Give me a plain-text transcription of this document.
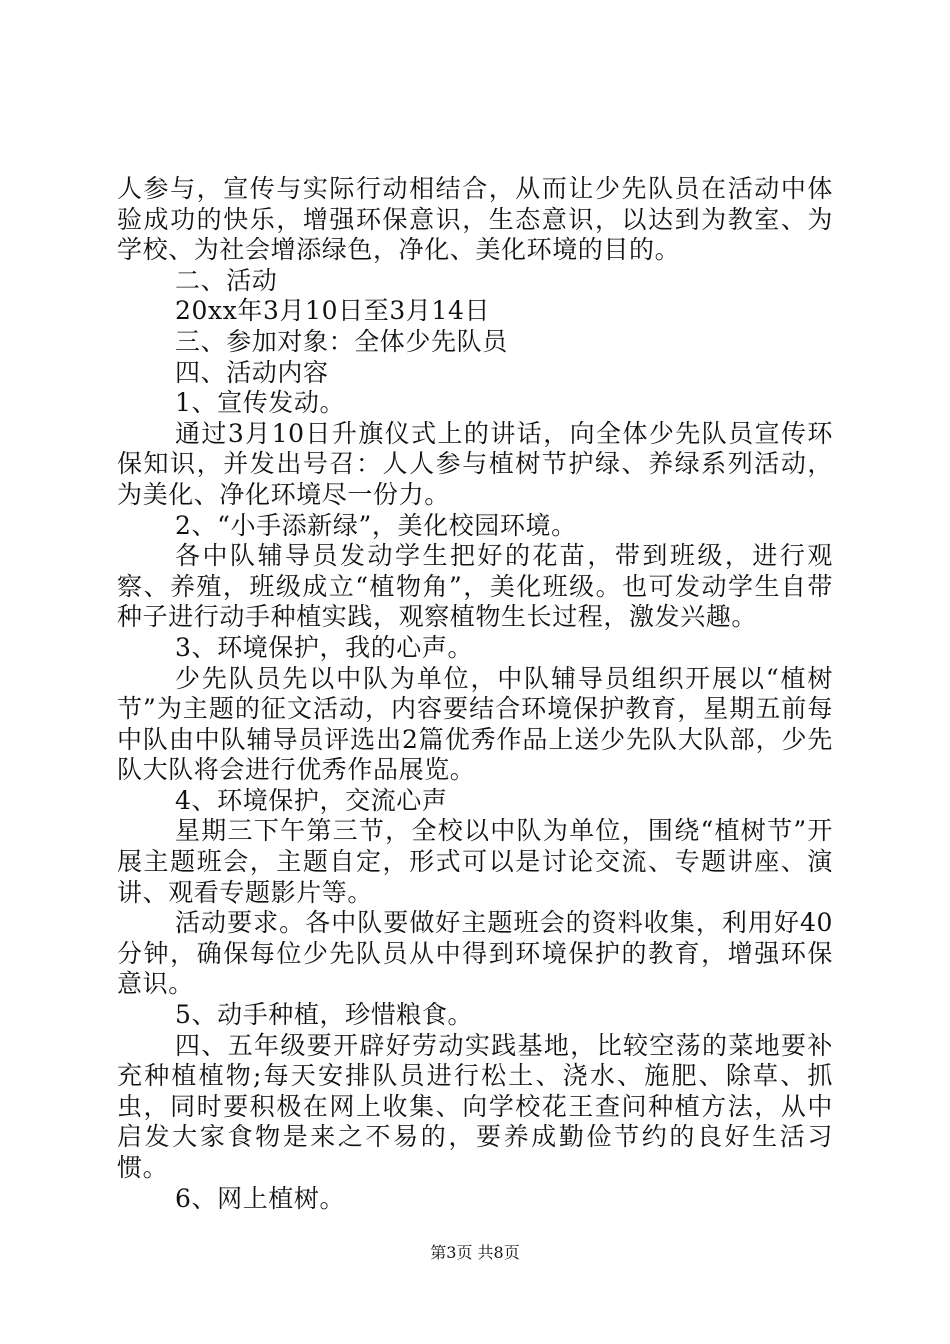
人参与，宣传与实际行动相结合，从而让少先队员在活动中体验成功的快乐，增强环保意识，生态意识，以达到为教室、为学校、为社会增添绿色，净化、美化环境的目的。

二、活动

20xx年3月10日至3月14日

三、参加对象：全体少先队员

四、活动内容

1、宣传发动。

通过3月10日升旗仪式上的讲话，向全体少先队员宣传环保知识，并发出号召：人人参与植树节护绿、养绿系列活动，为美化、净化环境尽一份力。

2、“小手添新绿”，美化校园环境。

各中队辅导员发动学生把好的花苗，带到班级，进行观察、养殖，班级成立“植物角”，美化班级。也可发动学生自带种子进行动手种植实践，观察植物生长过程，激发兴趣。

3、环境保护，我的心声。

少先队员先以中队为单位，中队辅导员组织开展以“植树节”为主题的征文活动，内容要结合环境保护教育，星期五前每中队由中队辅导员评选出2篇优秀作品上送少先队大队部，少先队大队将会进行优秀作品展览。

4、环境保护，交流心声

星期三下午第三节，全校以中队为单位，围绕“植树节”开展主题班会，主题自定，形式可以是讨论交流、专题讲座、演讲、观看专题影片等。

活动要求。各中队要做好主题班会的资料收集，利用好40分钟，确保每位少先队员从中得到环境保护的教育，增强环保意识。

5、动手种植，珍惜粮食。

四、五年级要开辟好劳动实践基地，比较空荡的菜地要补充种植植物;每天安排队员进行松土、浇水、施肥、除草、抓虫，同时要积极在网上收集、向学校花王查问种植方法，从中启发大家食物是来之不易的，要养成勤俭节约的良好生活习惯。

6、网上植树。

第3页 共8页
